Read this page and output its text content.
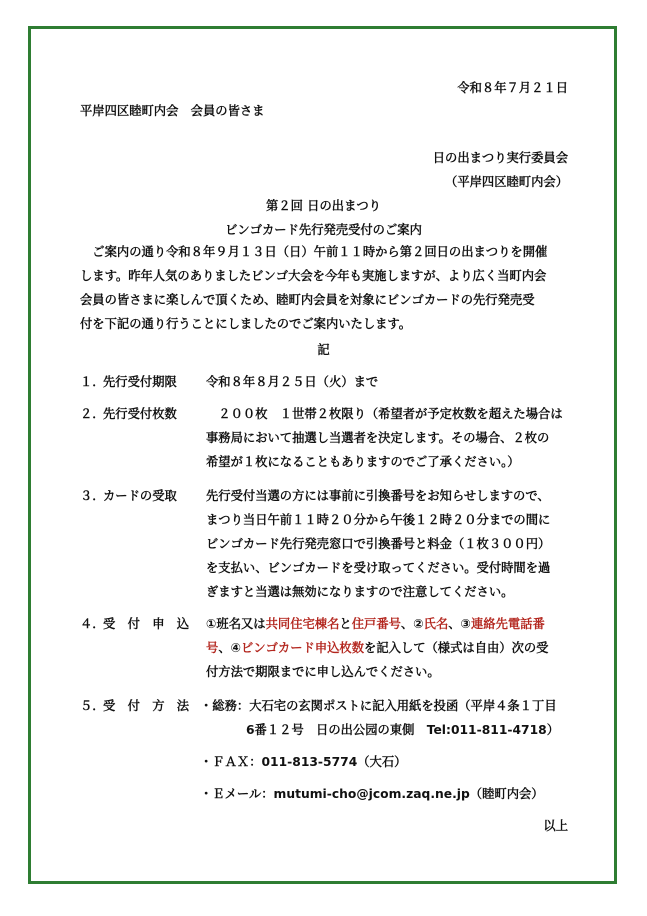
令和８年７月２１日
平岸四区睦町内会　会員の皆さま
日の出まつり実行委員会
（平岸四区睦町内会）
第２回 日の出まつり
ビンゴカード先行発売受付のご案内
　ご案内の通り令和８年９月１３日（日）午前１１時から第２回日の出まつりを開催
します。昨年人気のありましたビンゴ大会を今年も実施しますが、より広く当町内会
会員の皆さまに楽しんで頂くため、睦町内会員を対象にビンゴカードの先行発売受
付を下記の通り行うことにしましたのでご案内いたします。
記
１．
先行受付期限 令和８年８月２５日（火）まで
２．
先行受付枚数 　２００枚　１世帯２枚限り（希望者が予定枚数を超えた場合は
事務局において抽選し当選者を決定します。その場合、２枚の
希望が１枚になることもありますのでご了承ください。）
３．
カードの受取 先行受付当選の方には事前に引換番号をお知らせしますので、
まつり当日午前１１時２０分から午後１２時２０分までの間に
ビンゴカード先行発売窓口で引換番号と料金（１枚３００円）
を支払い、ビンゴカードを受け取ってください。受付時間を過
ぎますと当選は無効になりますので注意してください。
４．
受　付　申　込 ①班名又は共同住宅棟名と住戸番号、②氏名、③連絡先電話番
号、④ビンゴカード申込枚数を記入して（様式は自由）次の受
付方法で期限までに申し込んでください。
５．
受　付　方　法 ・総務：大石宅の玄関ポストに記入用紙を投函（平岸４条１丁目
6番１２号　日の出公园の東側　Tel:011-811-4718）
・ＦＡＸ：011-813-5774（大石）
・Ｅメール：mutumi-cho@jcom.zaq.ne.jp（睦町内会）
以上
